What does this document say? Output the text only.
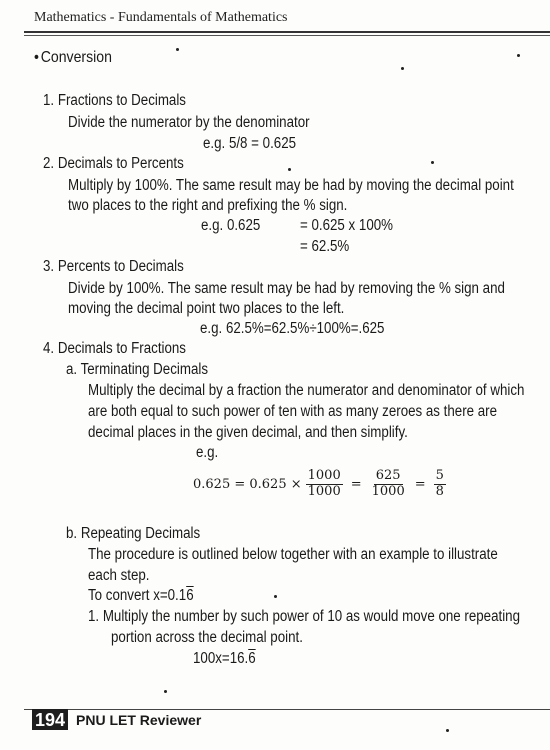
Mathematics - Fundamentals of Mathematics
• Conversion
1. Fractions to Decimals
Divide the numerator by the denominator
e.g. 5/8 = 0.625
2. Decimals to Percents
Multiply by 100%. The same result may be had by moving the decimal point
two places to the right and prefixing the % sign.
e.g. 0.625	= 0.625 x 100%
= 62.5%
3. Percents to Decimals
Divide by 100%. The same result may be had by removing the % sign and
moving the decimal point two places to the left.
e.g. 62.5%=62.5%÷100%=.625
4. Decimals to Fractions
a. Terminating Decimals
Multiply the decimal by a fraction the numerator and denominator of which
are both equal to such power of ten with as many zeroes as there are
decimal places in the given decimal, and then simplify.
e.g.
$0.625 = 0.625 \times \frac{1000}{1000} = \frac{625}{1000} = \frac{5}{8}$
b. Repeating Decimals
The procedure is outlined below together with an example to illustrate
each step.
To convert x=0.16
1. Multiply the number by such power of 10 as would move one repeating
portion across the decimal point.
100x=16.6
194 PNU LET Reviewer
